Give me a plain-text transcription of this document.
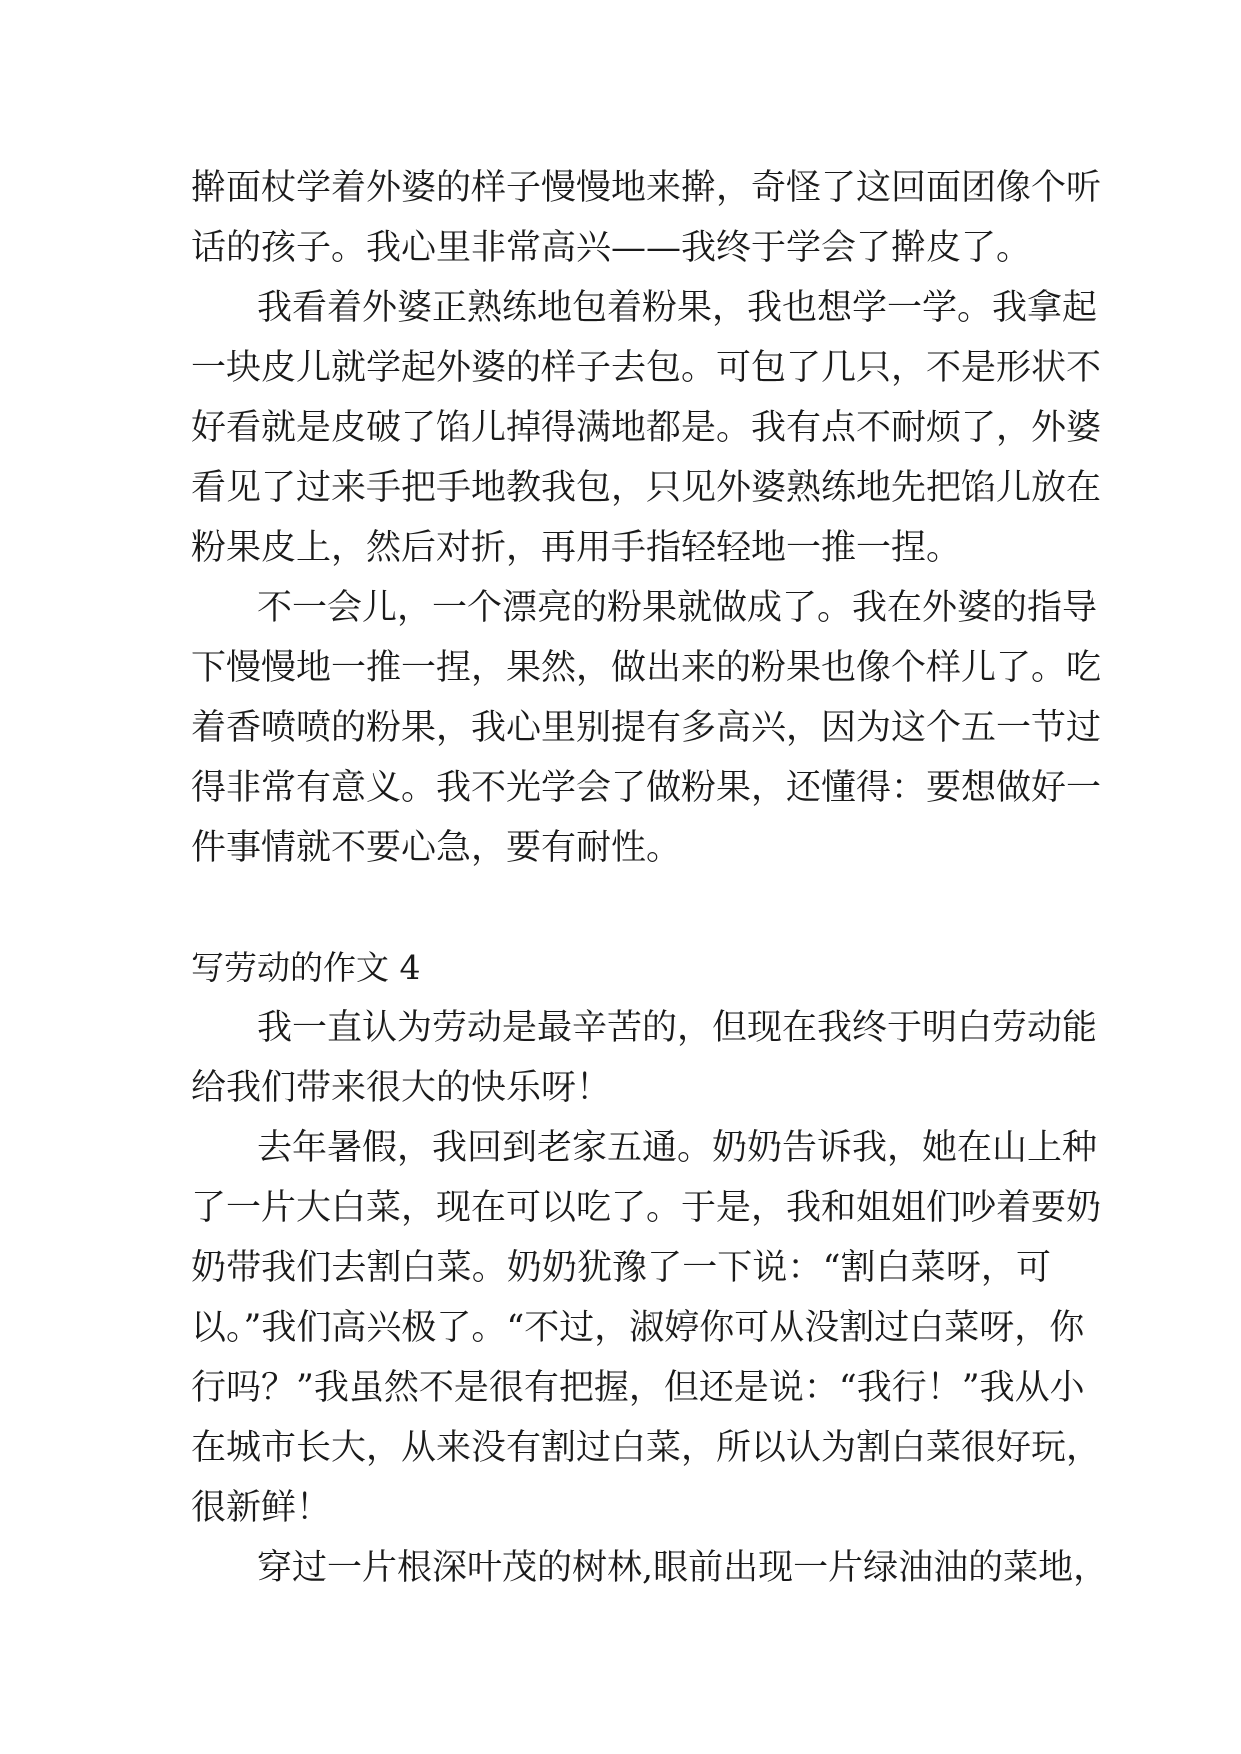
擀面杖学着外婆的样子慢慢地来擀，奇怪了这回面团像个听
话的孩子。我心里非常高兴——我终于学会了擀皮了。
我看着外婆正熟练地包着粉果，我也想学一学。我拿起
一块皮儿就学起外婆的样子去包。可包了几只，不是形状不
好看就是皮破了馅儿掉得满地都是。我有点不耐烦了，外婆
看见了过来手把手地教我包，只见外婆熟练地先把馅儿放在
粉果皮上，然后对折，再用手指轻轻地一推一捏。
不一会儿，一个漂亮的粉果就做成了。我在外婆的指导
下慢慢地一推一捏，果然，做出来的粉果也像个样儿了。吃
着香喷喷的粉果，我心里别提有多高兴，因为这个五一节过
得非常有意义。我不光学会了做粉果，还懂得：要想做好一
件事情就不要心急，要有耐性。
写劳动的作文 4
我一直认为劳动是最辛苦的，但现在我终于明白劳动能
给我们带来很大的快乐呀！
去年暑假，我回到老家五通。奶奶告诉我，她在山上种
了一片大白菜，现在可以吃了。于是，我和姐姐们吵着要奶
奶带我们去割白菜。奶奶犹豫了一下说：“割白菜呀，可
以。”我们高兴极了。“不过，淑婷你可从没割过白菜呀，你
行吗？”我虽然不是很有把握，但还是说：“我行！”我从小
在城市长大，从来没有割过白菜，所以认为割白菜很好玩，
很新鲜！
穿过一片根深叶茂的树林,眼前出现一片绿油油的菜地，
